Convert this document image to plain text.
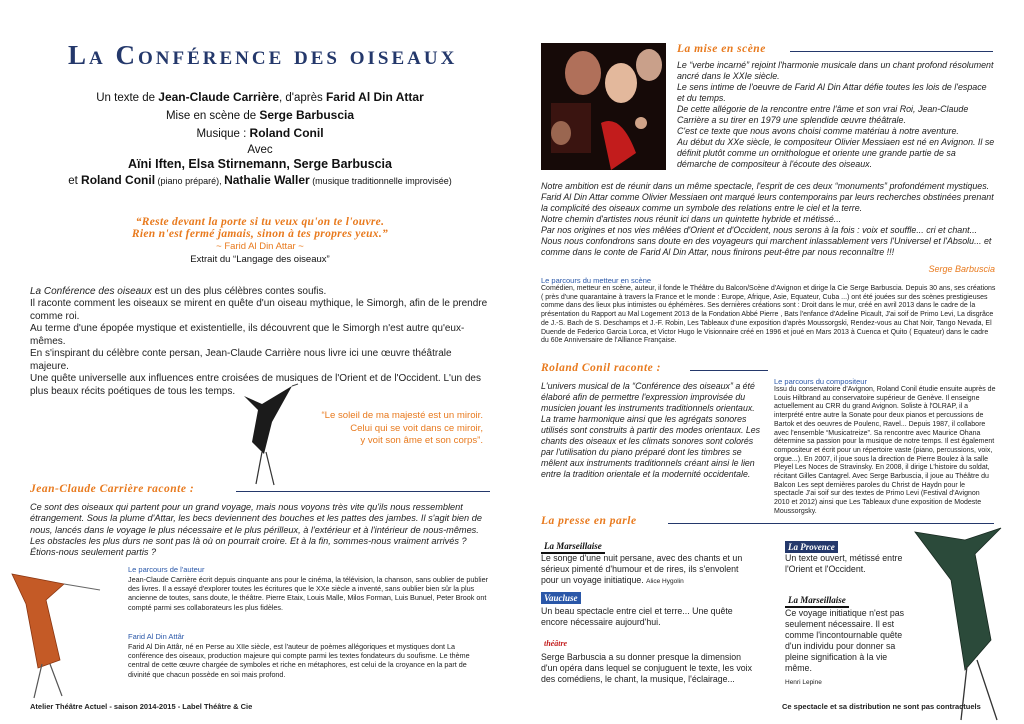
La Conférence des oiseaux
Un texte de Jean-Claude Carrière, d'après Farid Al Din Attar
Mise en scène de Serge Barbuscia
Musique : Roland Conil
Avec
Aïni Iften, Elsa Stirnemann, Serge Barbuscia
et Roland Conil (piano préparé), Nathalie Waller (musique traditionnelle improvisée)
“Reste devant la porte si tu veux qu'on te l'ouvre.
Rien n'est fermé jamais, sinon à tes propres yeux.”
~ Farid Al Din Attar ~
Extrait du “Langage des oiseaux”
La Conférence des oiseaux est un des plus célèbres contes soufis.
Il raconte comment les oiseaux se mirent en quête d'un oiseau mythique, le Simorgh, afin de le prendre comme roi.
Au terme d'une épopée mystique et existentielle, ils découvrent que le Simorgh n'est autre qu'eux-mêmes.
En s'inspirant du célèbre conte persan, Jean-Claude Carrière nous livre ici une œuvre théâtrale majeure.
Une quête universelle aux influences entre croisées de musiques de l'Orient et de l'Occident. L'un des plus beaux récits poétiques de tous les temps.
“Le soleil de ma majesté est un miroir.
Celui qui se voit dans ce miroir,
y voit son âme et son corps”.
Jean-Claude Carrière raconte :
Ce sont des oiseaux qui partent pour un grand voyage, mais nous voyons très vite qu'ils nous ressemblent étrangement. Sous la plume d'Attar, les becs deviennent des bouches et les pattes des jambes. Il s'agit bien de nous, lancés dans le voyage le plus nécessaire et le plus périlleux, à l'extérieur et à l'intérieur de nous-mêmes. Les obstacles les plus durs ne sont pas là où on pourrait croire. Et à la fin, sommes-nous vraiment arrivés ? Étions-nous seulement partis ?
Le parcours de l'auteur
Jean-Claude Carrière écrit depuis cinquante ans pour le cinéma, la télévision, la chanson, sans oublier de publier des livres. Il a essayé d'explorer toutes les écritures que le XXe siècle a inventé, sans oublier bien sûr la plus ancienne de toutes, sans doute, le théâtre. Pierre Etaix, Louis Malle, Milos Forman, Luis Bunuel, Peter Brook ont compté parmi ses collaborateurs les plus fidèles.
Farid Al Din Attâr
Farid Al Din Attâr, né en Perse au XIIe siècle, est l'auteur de poèmes allégoriques et mystiques dont La conférence des oiseaux, production majeure qui compte parmi les textes fondateurs du soufisme. Le thème central de cette œuvre chargée de symboles et riche en métaphores, est celui de la croyance en la part de divinité que chacun possède en soi mais profond.
Atelier Théâtre Actuel - saison 2014-2015 - Label Théâtre & Cie
La mise en scène
Le “verbe incarné” rejoint l'harmonie musicale dans un chant profond résolument ancré dans le XXIe siècle.
Le sens intime de l'oeuvre de Farid Al Din Attar défie toutes les lois de l'espace et du temps.
De cette allégorie de la rencontre entre l'âme et son vrai Roi, Jean-Claude Carrière a su tirer en 1979 une splendide œuvre théâtrale.
C'est ce texte que nous avons choisi comme matériau à notre aventure.
Au début du XXe siècle, le compositeur Olivier Messiaen est né en Avignon. Il se définit plutôt comme un ornithologue et oriente une grande partie de sa démarche de compositeur à l'écoute des oiseaux.
Notre ambition est de réunir dans un même spectacle, l'esprit de ces deux “monuments” profondément mystiques. Farid Al Din Attar comme Olivier Messiaen ont marqué leurs contemporains par leurs recherches obstinées prenant la complicité des oiseaux comme un symbole des relations entre le ciel et la terre.
Notre chemin d'artistes nous réunit ici dans un quintette hybride et métissé...
Par nos origines et nos vies mêlées d'Orient et d'Occident, nous serons à la fois : voix et souffle... cri et chant...
Nous nous confondrons sans doute en des voyageurs qui marchent inlassablement vers l'Universel et l'Absolu... et comme dans le conte de Farid Al Din Attar, nous finirons peut-être par nous reconnaître !!!
Serge Barbuscia
Le parcours du metteur en scène
Comédien, metteur en scène, auteur, il fonde le Théâtre du Balcon/Scène d'Avignon et dirige la Cie Serge Barbuscia. Depuis 30 ans, ses créations ( près d'une quarantaine à travers la France et le monde : Europe, Afrique, Asie, Equateur, Cuba ...) ont été jouées sur des scènes prestigieuses comme dans des lieux plus intimistes ou éphémères. Ses dernières créations sont : Droit dans le mur, créé en avril 2013 dans le cadre de la présentation du Rapport au Mal Logement 2013 de la Fondation Abbé Pierre , Bats l'enfance d'Adeline Picault, J'ai soif de Primo Levi, La disgrâce de J.-S. Bach de S. Deschamps et J.-F. Robin, Les Tableaux d'une exposition d'après Moussorgski, Rendez-vous au Chat Noir, Tango Nevada, El Duende de Federico Garcia Lorca, et Victor Hugo le Visionnaire créé en 1996 et joué en Mars 2013 à Cuenca et Quito ( Equateur) dans le cadre du 60e Anniversaire de l'Alliance Française.
Roland Conil raconte :
L'univers musical de la “Conférence des oiseaux” a été élaboré afin de permettre l'expression improvisée du musicien jouant les instruments traditionnels orientaux. La trame harmonique ainsi que les agrégats sonores utilisés sont construits à partir des modes orientaux. Les chants des oiseaux et les climats sonores sont colorés par l'utilisation du piano préparé dont les timbres se mêlent aux instruments traditionnels créant ainsi le lien entre la tradition orientale et la modernité occidentale.
Le parcours du compositeur
Issu du conservatoire d'Avignon, Roland Conil étudie ensuite auprès de Louis Hiltbrand au conservatoire supérieur de Genève. Il enseigne actuellement au CRR du grand Avignon. Soliste à l'OLRAP, il a interprété entre autre la Sonate pour deux pianos et percussions de Bartok et des oeuvres de Poulenc, Ravel... Depuis 1987, il collabore avec l'ensemble “Musicatreize”. Sa rencontre avec Maurice Ohana détermine sa passion pour la musique de notre temps. Il est également compositeur et écrit pour un répertoire vaste (piano, percussions, voix, orgue...). En 2007, il joue sous la direction de Pierre Boulez à la salle Pleyel Les Noces de Stravinsky. En 2008, il dirige L'histoire du soldat, récitant Gilles Cantagrel. Avec Serge Barbuscia, il joue au Théâtre du Balcon Les sept dernières paroles du Christ de Haydn pour le spectacle J'ai soif sur des textes de Primo Levi (Festival d'Avignon 2010 et 2012) ainsi que Les Tableaux d'une exposition de Modeste Moussorgsky.
La presse en parle
La Marseillaise
Le songe d'une nuit persane, avec des chants et un sérieux pimenté d'humour et de rires, ils s'envolent pour un voyage initiatique. Alice Hygolin
Vaucluse
Un beau spectacle entre ciel et terre... Une quête encore nécessaire aujourd'hui.
théâtre
Serge Barbuscia a su donner presque la dimension d'un opéra dans lequel se conjuguent le texte, les voix des comédiens, le chant, la musique, l'éclairage...
La Provence
Un texte ouvert, métissé entre l'Orient et l'Occident.
La Marseillaise
Ce voyage initiatique n'est pas seulement nécessaire. Il est comme l'incontournable quête d'un individu pour donner sa pleine signification à la vie même.
Henri Lepine
Ce spectacle et sa distribution ne sont pas contractuels
